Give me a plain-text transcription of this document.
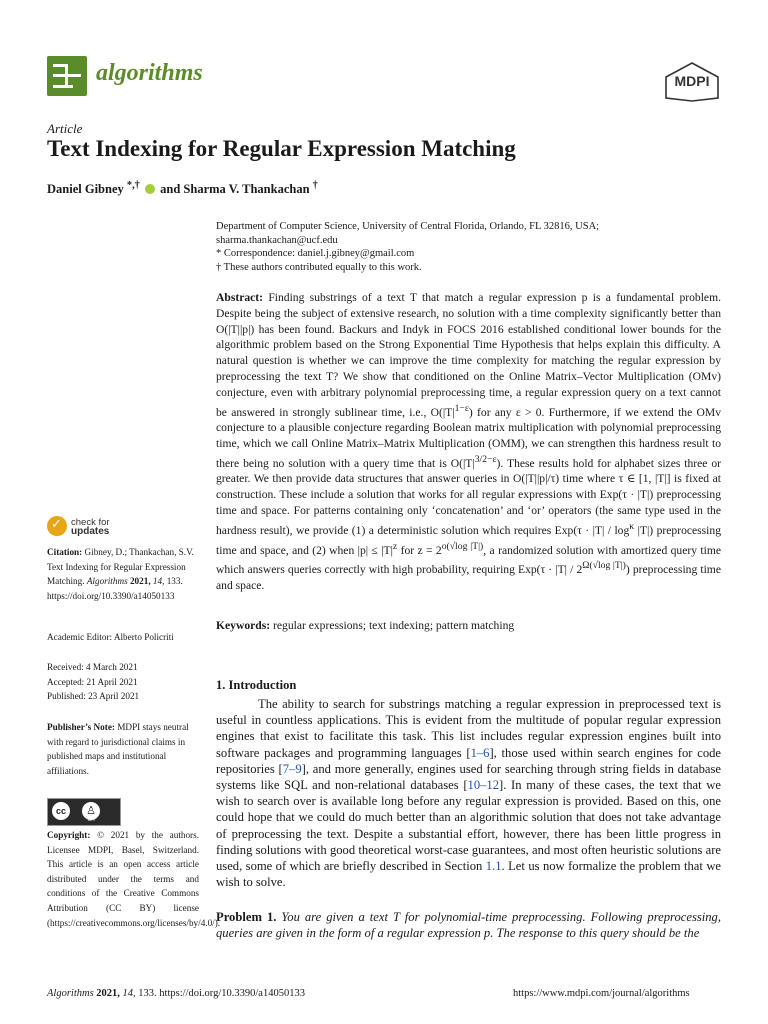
algorithms	MDPI
Article
Text Indexing for Regular Expression Matching
Daniel Gibney *,† and Sharma V. Thankachan †
Department of Computer Science, University of Central Florida, Orlando, FL 32816, USA;
sharma.thankachan@ucf.edu
* Correspondence: daniel.j.gibney@gmail.com
† These authors contributed equally to this work.
Abstract: Finding substrings of a text T that match a regular expression p is a fundamental problem. Despite being the subject of extensive research, no solution with a time complexity significantly better than O(|T||p|) has been found. Backurs and Indyk in FOCS 2016 established conditional lower bounds for the algorithmic problem based on the Strong Exponential Time Hypothesis that helps explain this difficulty. A natural question is whether we can improve the time complexity for matching the regular expression by preprocessing the text T? We show that conditioned on the Online Matrix–Vector Multiplication (OMv) conjecture, even with arbitrary polynomial preprocessing time, a regular expression query on a text cannot be answered in strongly sublinear time, i.e., $O(|T|^{1-\varepsilon})$ for any ε > 0. Furthermore, if we extend the OMv conjecture to a plausible conjecture regarding Boolean matrix multiplication with polynomial preprocessing time, which we call Online Matrix–Matrix Multiplication (OMM), we can strengthen this hardness result to there being no solution with a query time that is $O(|T|^{3/2-\varepsilon})$. These results hold for alphabet sizes three or greater. We then provide data structures that answer queries in O(|T||p|/τ) time where τ ∈ [1, |T|] is fixed at construction. These include a solution that works for all regular expressions with Exp(τ · |T|) preprocessing time and space. For patterns containing only ‘concatenation’ and ‘or’ operators (the same type used in the hardness result), we provide (1) a deterministic solution which requires $Exp(\tau \cdot |T| / \log^\kappa |T|)$ preprocessing time and space, and (2) when $|p| \le |T|^z$ for $z = 2^{o(√log |T|)}$, a randomized solution with amortized query time which answers queries correctly with high probability, requiring $Exp(\tau \cdot |T| / 2^{\Omega(√log |T|)})$ preprocessing time and space.
Keywords: regular expressions; text indexing; pattern matching
✓ check for
updates
Citation: Gibney, D.; Thankachan, S.V. Text Indexing for Regular Expression Matching. Algorithms 2021, 14, 133. https://doi.org/10.3390/a14050133
Academic Editor: Alberto Policriti
Received: 4 March 2021
Accepted: 21 April 2021
Published: 23 April 2021
Publisher’s Note: MDPI stays neutral with regard to jurisdictional claims in published maps and institutional affiliations.
cc	♙
BY
Copyright: © 2021 by the authors. Licensee MDPI, Basel, Switzerland. This article is an open access article distributed under the terms and conditions of the Creative Commons Attribution (CC BY) license (https://creativecommons.org/licenses/by/4.0/).
1. Introduction
The ability to search for substrings matching a regular expression in preprocessed text is useful in countless applications. This is evident from the multitude of popular regular expression engines that exist to facilitate this task. This list includes regular expression engines built into software packages and programming languages [1–6], those used within search engines for code repositories [7–9], and more generally, engines used for searching through string fields in database systems like SQL and non-relational databases [10–12]. In many of these cases, the text that we wish to search over is available long before any regular expression is provided. Based on this, one could hope that we could do much better than an algorithmic solution that does not take advantage of preprocessing the text. Despite a substantial effort, however, there has been little progress in finding solutions with good theoretical worst-case guarantees, and most often heuristic solutions are used, some of which are briefly described in Section 1.1. Let us now formalize the problem that we wish to solve.
Problem 1. You are given a text T for polynomial-time preprocessing. Following preprocessing, queries are given in the form of a regular expression p. The response to this query should be the
Algorithms 2021, 14, 133. https://doi.org/10.3390/a14050133	https://www.mdpi.com/journal/algorithms
